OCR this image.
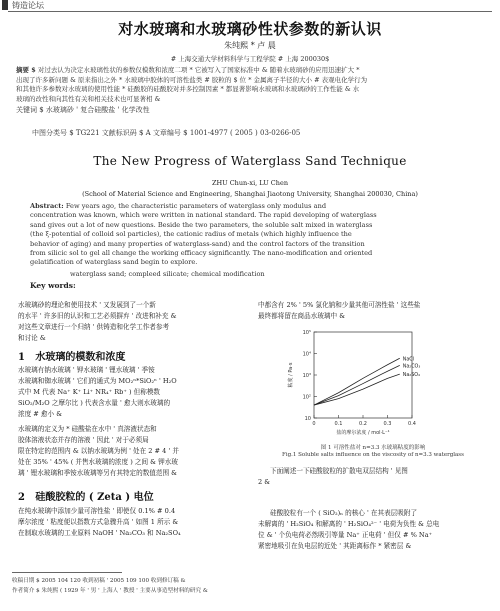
铸造论坛
对水玻璃和水玻璃砂性状参数的新认识
朱纯熙 * 卢 晨
# 上海交通大学材料科学与工程学院 # 上海 200030$
摘要 $ 对过去认为决定水玻璃性状的参数仅模数和浓度二项 * 它被写入了国家标准中 & 随着水玻璃砂的应用迅速扩大 *
出现了许多新问题 & 原来指出之外 * 水玻璃中胶体的可溶性盐类 # 胶粒的 $ 位 * 金属离子半径的大小 # 表观电化学行为
和其他许多参数对水玻璃的使用性能 * 硅酸胶的硅酸胶对并多控制因素 * 都显著影响水玻璃和水玻璃砂的工作性能 & 水
玻璃的改性和向其性有关和相关技术也可显著相 &
关键词 $ 水玻璃砂 ' 复合硅酸盐 ' 化学改性
中图分类号 $ TG221 文献标识码 $ A 文章编号 $ 1001-4977 ( 2005 ) 03-0266-05
The New Progress of Waterglass Sand Technique
ZHU Chun-xi, LU Chen
(School of Material Science and Engineering, Shanghai Jiaotong University, Shanghai 200030, China)
Abstract: Few years ago, the characteristic parameters of waterglass only modulus and
concentration was known, which were written in national standard. The rapid developing of waterglass
sand gives out a lot of new questions. Beside the two parameters, the soluble salt mixed in waterglass
(the ξ-potential of colloid sol particles), the cationic radius of metals (which highly influence the
behavior of aging) and many properties of waterglass-sand) and the control factors of the transition
from silicic sol to gel all change the working efficacy significantly. The nano-modification and oriented
gelatification of waterglass sand begin to explore.
waterglass sand; compleed silicate; chemical modification
Key words:
水玻璃砂的理论和使用技术 ' 又发展到了一个新
的水平 ' 许多旧的认识和工艺必须摒弃 ' 改进和补充 &
对这些文章进行一个归纳 ' 供铸造和化学工作者参考
和讨论 &
1 水玻璃的模数和浓度
水玻璃有钠水玻璃 ' 钾水玻璃 ' 锂水玻璃 ' 季铵
水玻璃和铷水玻璃 ' 它们的通式为 MO₂ⁿ*SiO₂ⁿ ' H₂O
式中 M 代表 Na⁺ K⁺ Li⁺ NR₄⁺ Rb⁺ ) 但称模数
SiO₂/M₂O 之摩尔比 ) 代表含水量 ' 愈大则水玻璃的
浓度 # 愈小 &
水玻璃的定义为 * 硅酸盐在水中 ' 真溶液状态和
胶体溶液状态并存的溶液 ' 因此 ' 对于必须局
限在特定的范围内 & 以钠水玻璃为例 ' 处在 2 # 4 ' 并
处在 35% ' 45% ( 并售水玻璃的浓度 ) 之间 & 钾水玻
璃 ' 锂水玻璃和季铵水玻璃等另有其特定的数值范围 &
2 硅酸胶粒的 ( Zeta ) 电位
在纯水玻璃中添加少量可溶性盐 ' 即使仅 0.1% # 0.4
摩尔浓度 ' 粘度便以指数方式急骤升高 ' 如图 1 所示 &
在制取水玻璃的工业原料 NaOH ' Na₂CO₃ 和 Na₂SO₄
中都含有 2% ' 5% 氯化钠和少量其他可溶性盐 ' 这些盐
最终都将留在商品水玻璃中 &
10
10²
10³
10⁴
10⁵
0	0.1	0.2	0.3	0.4
NaCl
Na₂CO₃
Na₂SO₄
粘度 / Pa·s
盐的摩尔浓度 / mol·L⁻¹
图 1 可溶性盐对 n=3.3 水玻璃粘度的影响
Fig.1 Soluble salts influence on the viscosity of n=3.3 waterglass
下面阐述一下硅酸胶粒的扩散电双层结构 ' 见图
2 &
硅酸胶粒有一个 ( SiO₂)ₙ 的核心 ' 在其表层吸附了
未解离的 ' H₂SiO₄ 和解离的 ' H₂SiO₄²⁻ ' 电荷为负性 & 总电
位 & ' 个负电荷必然吸引等量 Na⁺ 正电荷 ' 但仅 # % Na⁺
紧密地吸引在负电层的近处 ' 其距离标作 * 紧密层 &
收稿日期 $ 2005 104 120 收到初稿 ' 2005 109 100 收到修订稿 &
作者简介 $ 朱纯熙 ( 1929 年 ' 男 ' 上海人 ' 教授 ' 主要从事造型材料的研究 &
